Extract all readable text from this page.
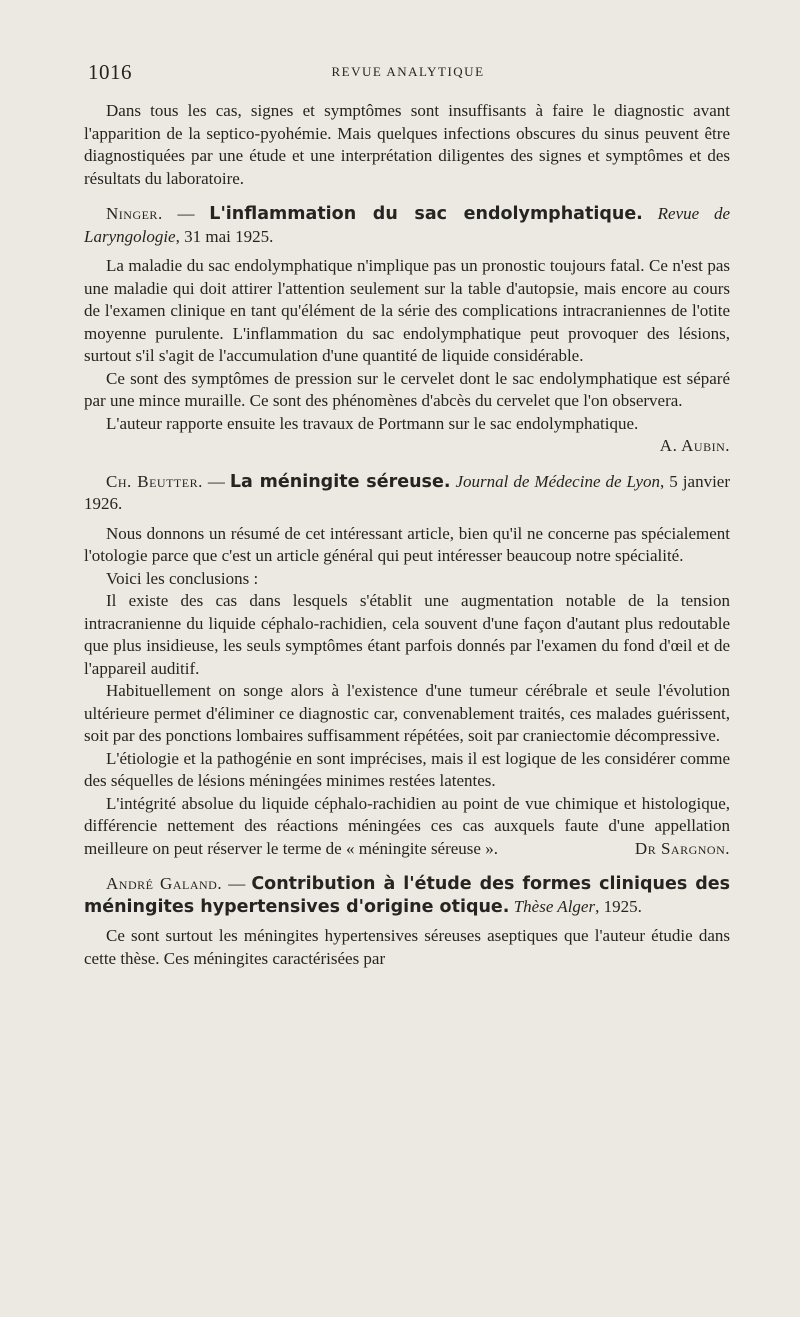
1016	REVUE ANALYTIQUE

Dans tous les cas, signes et symptômes sont insuffisants à faire le diagnostic avant l'apparition de la septico-pyohémie. Mais quelques infections obscures du sinus peuvent être diagnostiquées par une étude et une interprétation diligentes des signes et symptômes et des résultats du laboratoire.

Ninger. — L'inflammation du sac endolymphatique. Revue de Laryngologie, 31 mai 1925.

La maladie du sac endolymphatique n'implique pas un pronostic toujours fatal. Ce n'est pas une maladie qui doit attirer l'attention seulement sur la table d'autopsie, mais encore au cours de l'examen clinique en tant qu'élément de la série des complications intracraniennes de l'otite moyenne purulente. L'inflammation du sac endolymphatique peut provoquer des lésions, surtout s'il s'agit de l'accumulation d'une quantité de liquide considérable.

Ce sont des symptômes de pression sur le cervelet dont le sac endolymphatique est séparé par une mince muraille. Ce sont des phénomènes d'abcès du cervelet que l'on observera.

L'auteur rapporte ensuite les travaux de Portmann sur le sac endolymphatique.
A. Aubin.

Ch. Beutter. — La méningite séreuse. Journal de Médecine de Lyon, 5 janvier 1926.

Nous donnons un résumé de cet intéressant article, bien qu'il ne concerne pas spécialement l'otologie parce que c'est un article général qui peut intéresser beaucoup notre spécialité.

Voici les conclusions :

Il existe des cas dans lesquels s'établit une augmentation notable de la tension intracranienne du liquide céphalo-rachidien, cela souvent d'une façon d'autant plus redoutable que plus insidieuse, les seuls symptômes étant parfois donnés par l'examen du fond d'œil et de l'appareil auditif.

Habituellement on songe alors à l'existence d'une tumeur cérébrale et seule l'évolution ultérieure permet d'éliminer ce diagnostic car, convenablement traités, ces malades guérissent, soit par des ponctions lombaires suffisamment répétées, soit par craniectomie décompressive.

L'étiologie et la pathogénie en sont imprécises, mais il est logique de les considérer comme des séquelles de lésions méningées minimes restées latentes.

L'intégrité absolue du liquide céphalo-rachidien au point de vue chimique et histologique, différencie nettement des réactions méningées ces cas auxquels faute d'une appellation meilleure on peut réserver le terme de « méningite séreuse ».	Dr Sargnon.

André Galand. — Contribution à l'étude des formes cliniques des méningites hypertensives d'origine otique. Thèse Alger, 1925.

Ce sont surtout les méningites hypertensives séreuses aseptiques que l'auteur étudie dans cette thèse. Ces méningites caractérisées par
